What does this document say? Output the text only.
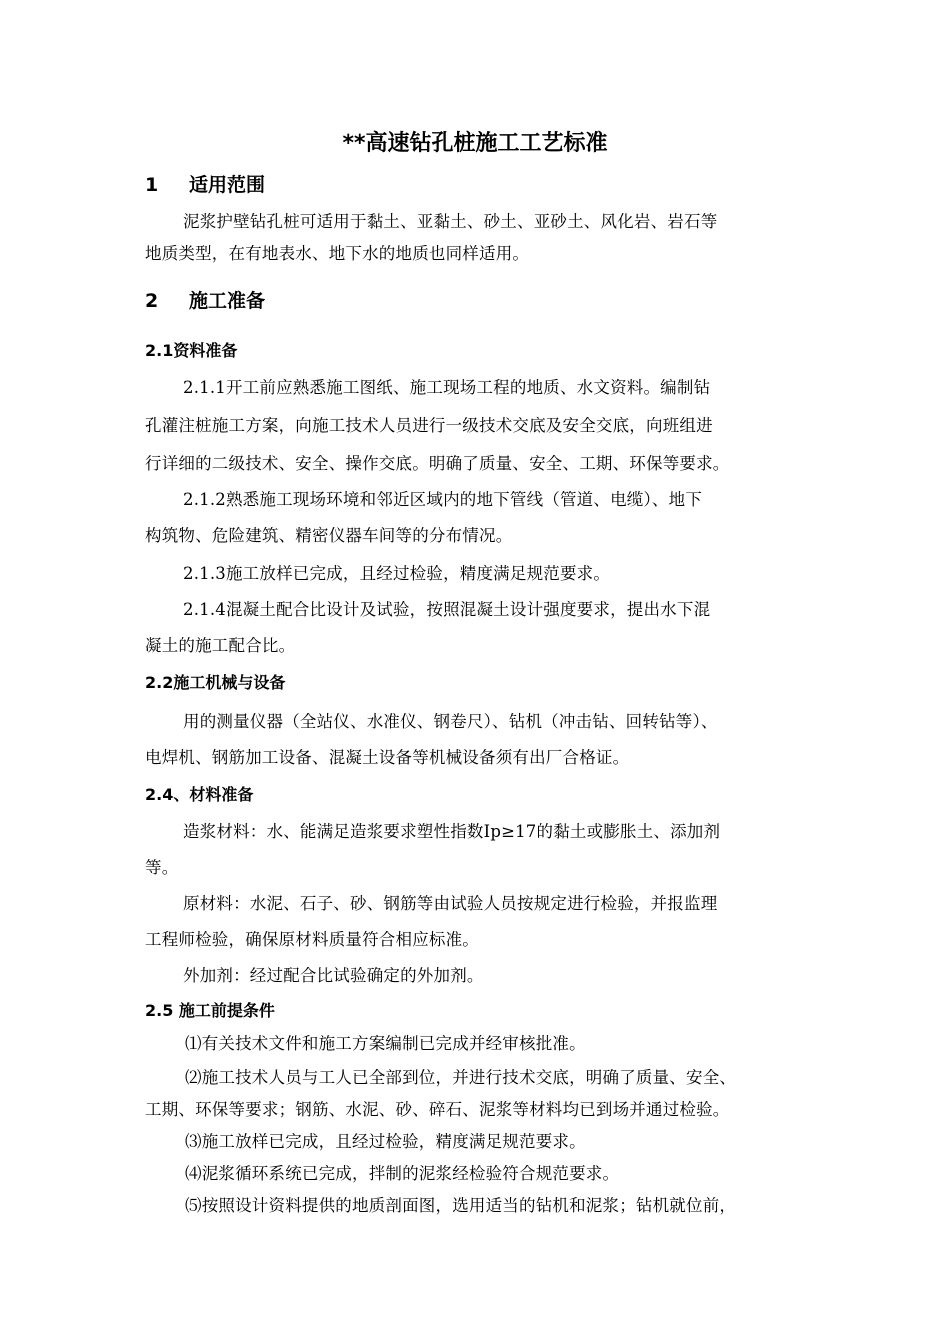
**高速钻孔桩施工工艺标准
1 适用范围
泥浆护壁钻孔桩可适用于黏土、亚黏土、砂土、亚砂土、风化岩、岩石等
地质类型，在有地表水、地下水的地质也同样适用。
2 施工准备
2.1资料准备
2.1.1开工前应熟悉施工图纸、施工现场工程的地质、水文资料。编制钻
孔灌注桩施工方案，向施工技术人员进行一级技术交底及安全交底，向班组进
行详细的二级技术、安全、操作交底。明确了质量、安全、工期、环保等要求。
2.1.2熟悉施工现场环境和邻近区域内的地下管线（管道、电缆）、地下
构筑物、危险建筑、精密仪器车间等的分布情况。
2.1.3施工放样已完成，且经过检验，精度满足规范要求。
2.1.4混凝土配合比设计及试验，按照混凝土设计强度要求，提出水下混
凝土的施工配合比。
2.2施工机械与设备
用的测量仪器（全站仪、水准仪、钢卷尺）、钻机（冲击钻、回转钻等）、
电焊机、钢筋加工设备、混凝土设备等机械设备须有出厂合格证。
2.4、材料准备
造浆材料：水、能满足造浆要求塑性指数Ip≥17的黏土或膨胀土、添加剂
等。
原材料：水泥、石子、砂、钢筋等由试验人员按规定进行检验，并报监理
工程师检验，确保原材料质量符合相应标准。
外加剂：经过配合比试验确定的外加剂。
2.5 施工前提条件
⑴有关技术文件和施工方案编制已完成并经审核批准。
⑵施工技术人员与工人已全部到位，并进行技术交底，明确了质量、安全、
工期、环保等要求；钢筋、水泥、砂、碎石、泥浆等材料均已到场并通过检验。
⑶施工放样已完成，且经过检验，精度满足规范要求。
⑷泥浆循环系统已完成，拌制的泥浆经检验符合规范要求。
⑸按照设计资料提供的地质剖面图，选用适当的钻机和泥浆；钻机就位前，
